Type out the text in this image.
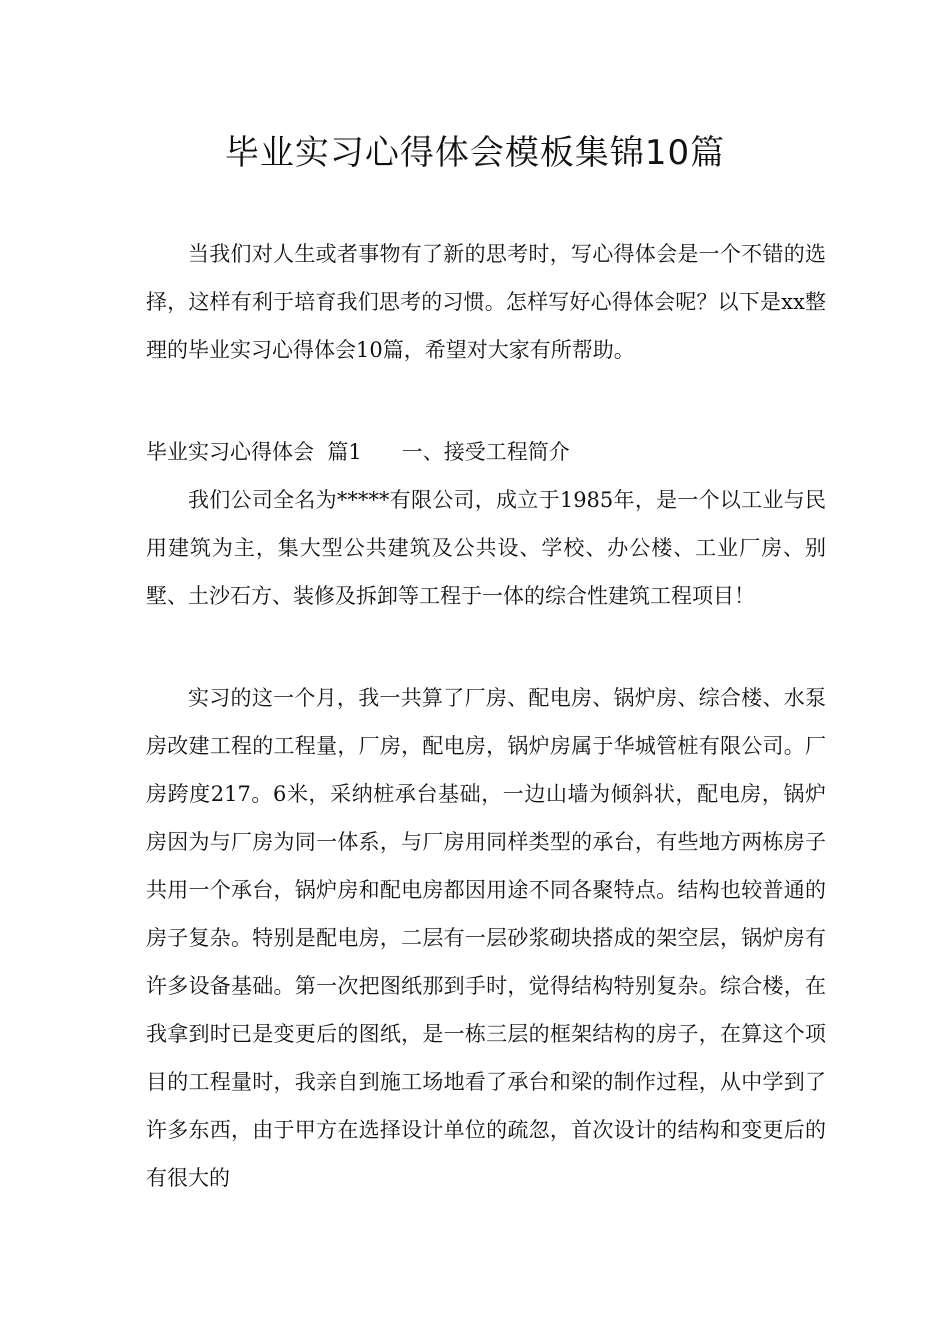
毕业实习心得体会模板集锦10篇

当我们对人生或者事物有了新的思考时，写心得体会是一个不错的选择，这样有利于培育我们思考的习惯。怎样写好心得体会呢？以下是xx整理的毕业实习心得体会10篇，希望对大家有所帮助。

毕业实习心得体会  篇1 一、接受工程简介

我们公司全名为*****有限公司，成立于1985年，是一个以工业与民用建筑为主，集大型公共建筑及公共设、学校、办公楼、工业厂房、别墅、土沙石方、装修及拆卸等工程于一体的综合性建筑工程项目！

实习的这一个月，我一共算了厂房、配电房、锅炉房、综合楼、水泵房改建工程的工程量，厂房，配电房，锅炉房属于华城管桩有限公司。厂房跨度217。6米，采纳桩承台基础，一边山墙为倾斜状，配电房，锅炉房因为与厂房为同一体系，与厂房用同样类型的承台，有些地方两栋房子共用一个承台，锅炉房和配电房都因用途不同各聚特点。结构也较普通的房子复杂。特别是配电房，二层有一层砂浆砌块搭成的架空层，锅炉房有许多设备基础。第一次把图纸那到手时，觉得结构特别复杂。综合楼，在我拿到时已是变更后的图纸，是一栋三层的框架结构的房子，在算这个项目的工程量时，我亲自到施工场地看了承台和梁的制作过程，从中学到了许多东西，由于甲方在选择设计单位的疏忽，首次设计的结构和变更后的有很大的
